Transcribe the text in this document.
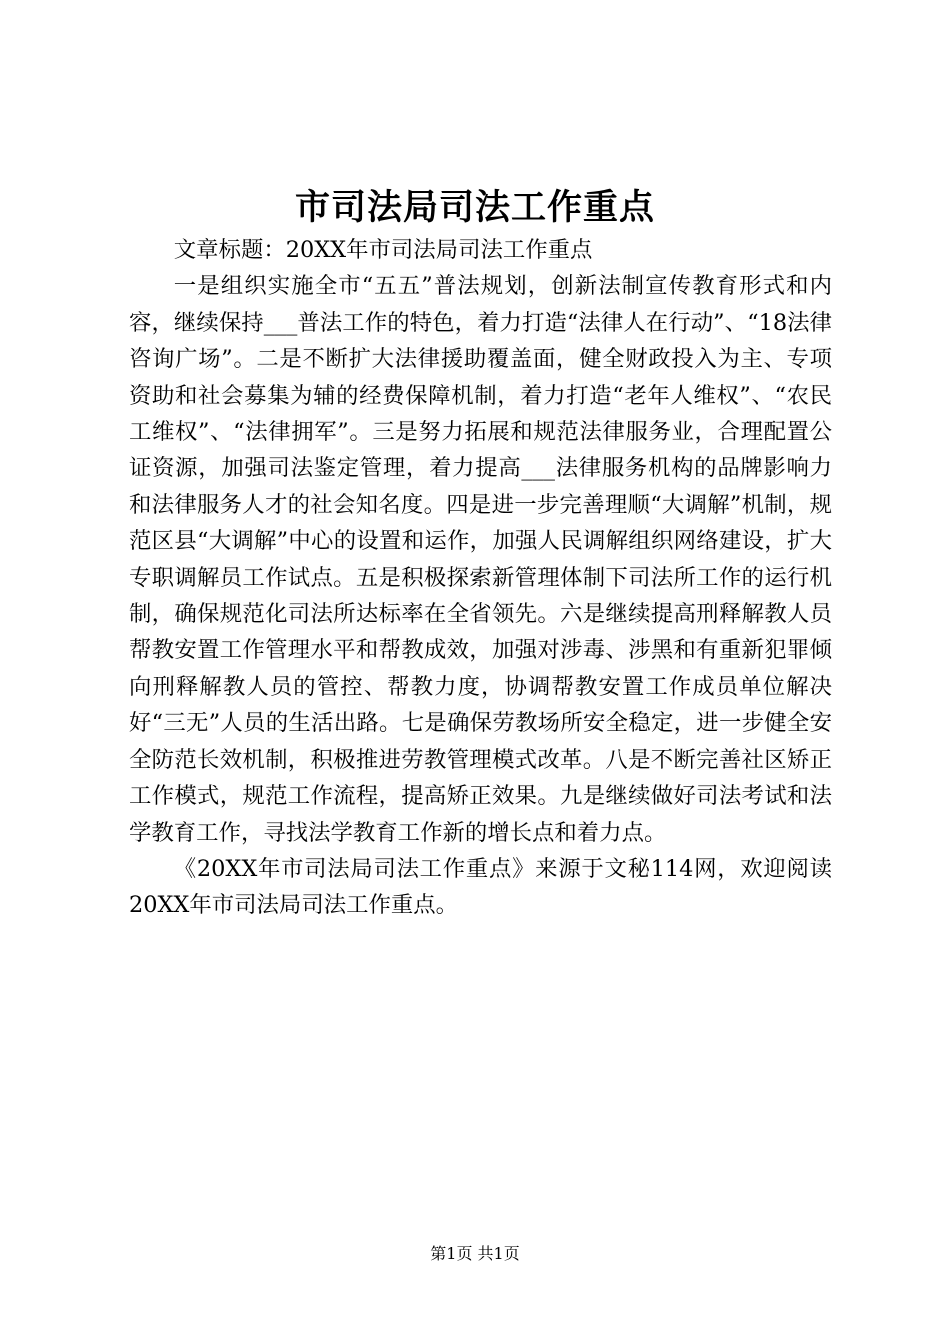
市司法局司法工作重点

文章标题：20XX年市司法局司法工作重点

一是组织实施全市“五五”普法规划，创新法制宣传教育形式和内容，继续保持___普法工作的特色，着力打造“法律人在行动”、“18法律咨询广场”。二是不断扩大法律援助覆盖面，健全财政投入为主、专项资助和社会募集为辅的经费保障机制，着力打造“老年人维权”、“农民工维权”、“法律拥军”。三是努力拓展和规范法律服务业，合理配置公证资源，加强司法鉴定管理，着力提高___法律服务机构的品牌影响力和法律服务人才的社会知名度。四是进一步完善理顺“大调解”机制，规范区县“大调解”中心的设置和运作，加强人民调解组织网络建设，扩大专职调解员工作试点。五是积极探索新管理体制下司法所工作的运行机制，确保规范化司法所达标率在全省领先。六是继续提高刑释解教人员帮教安置工作管理水平和帮教成效，加强对涉毒、涉黑和有重新犯罪倾向刑释解教人员的管控、帮教力度，协调帮教安置工作成员单位解决好“三无”人员的生活出路。七是确保劳教场所安全稳定，进一步健全安全防范长效机制，积极推进劳教管理模式改革。八是不断完善社区矫正工作模式，规范工作流程，提高矫正效果。九是继续做好司法考试和法学教育工作，寻找法学教育工作新的增长点和着力点。

《20XX年市司法局司法工作重点》来源于文秘114网，欢迎阅读20XX年市司法局司法工作重点。

第1页 共1页
